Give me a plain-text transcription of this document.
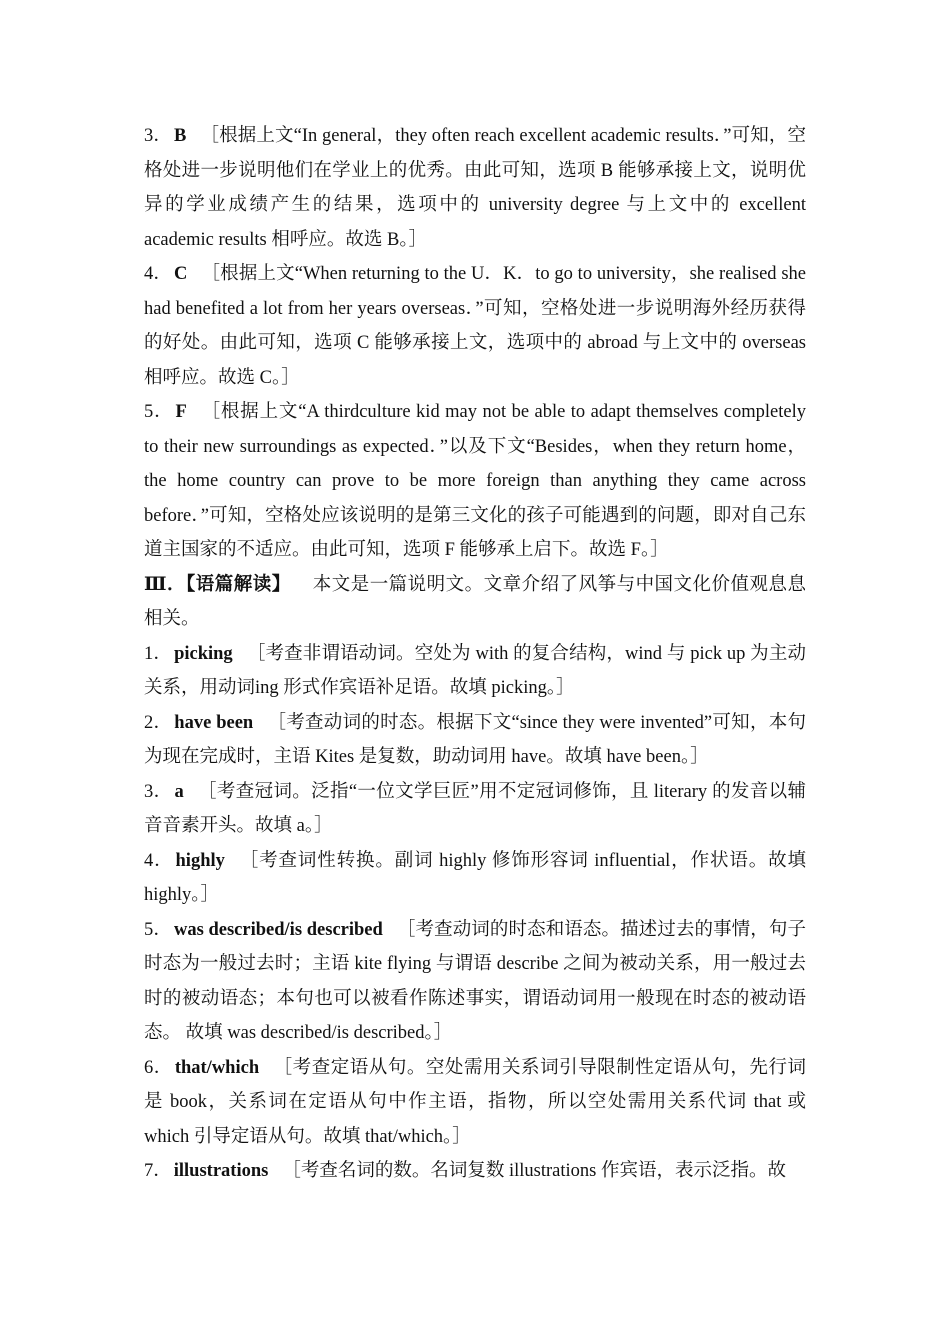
3． B ［根据上文“In general，they often reach excellent academic results．”可知，空格处进一步说明他们在学业上的优秀。由此可知，选项 B 能够承接上文，说明优异的学业成绩产生的结果，选项中的 university degree 与上文中的 excellent academic results 相呼应。故选 B。］

4． C ［根据上文“When returning to the U．K．to go to university，she realised she had benefited a lot from her years overseas．”可知，空格处进一步说明海外经历获得的好处。由此可知，选项 C 能够承接上文，选项中的 abroad 与上文中的 overseas 相呼应。故选 C。］

5． F ［根据上文“A thirdculture kid may not be able to adapt themselves completely to their new surroundings as expected．”以及下文“Besides，when they return home，the home country can prove to be more foreign than anything they came across before．”可知，空格处应该说明的是第三文化的孩子可能遇到的问题，即对自己东道主国家的不适应。由此可知，选项 F 能够承上启下。故选 F。］

Ⅲ．【语篇解读】 本文是一篇说明文。文章介绍了风筝与中国文化价值观息息相关。

1． picking ［考查非谓语动词。空处为 with 的复合结构，wind 与 pick up 为主动关系，用动词ing 形式作宾语补足语。故填 picking。］

2． have been ［考查动词的时态。根据下文“since they were invented”可知，本句为现在完成时，主语 Kites 是复数，助动词用 have。故填 have been。］

3． a ［考查冠词。泛指“一位文学巨匠”用不定冠词修饰，且 literary 的发音以辅音音素开头。故填 a。］

4． highly ［考查词性转换。副词 highly 修饰形容词 influential，作状语。故填 highly。］

5． was described/is described ［考查动词的时态和语态。描述过去的事情，句子时态为一般过去时；主语 kite flying 与谓语 describe 之间为被动关系，用一般过去时的被动语态；本句也可以被看作陈述事实，谓语动词用一般现在时态的被动语态。 故填 was described/is described。］

6． that/which ［考查定语从句。空处需用关系词引导限制性定语从句，先行词是 book，关系词在定语从句中作主语，指物，所以空处需用关系代词 that 或 which 引导定语从句。故填 that/which。］

7． illustrations ［考查名词的数。名词复数 illustrations 作宾语，表示泛指。故
